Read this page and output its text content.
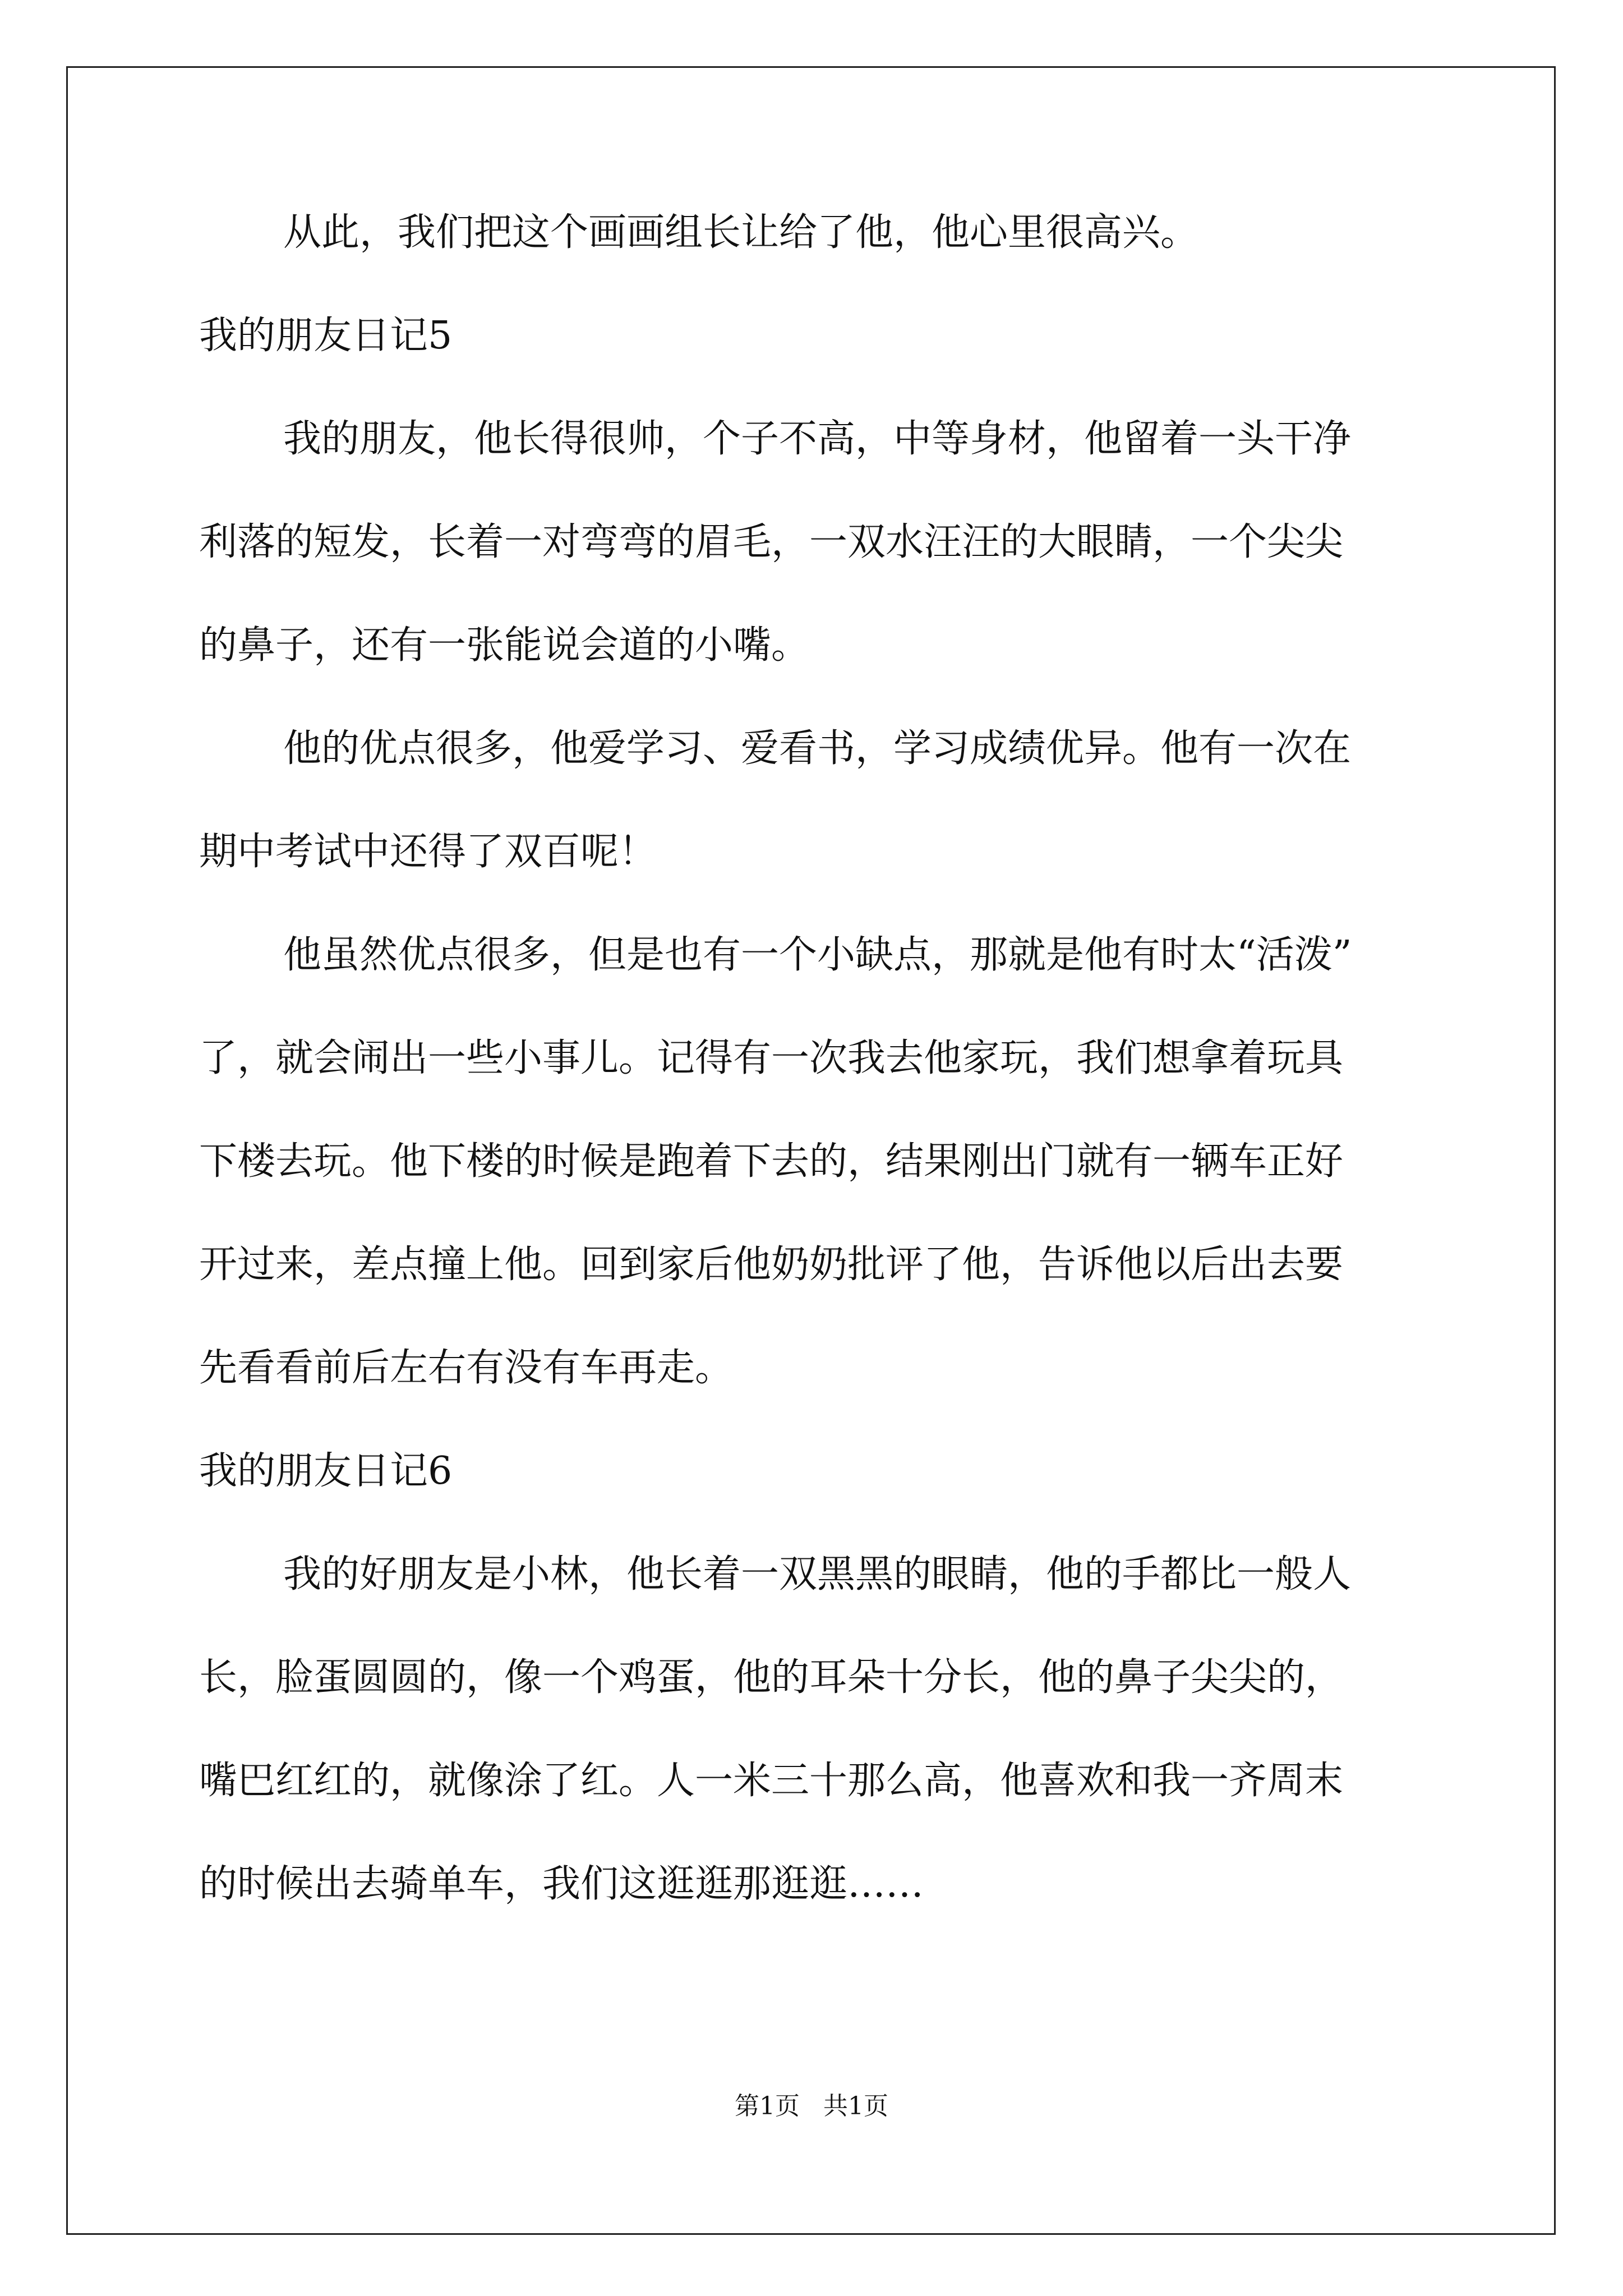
从此，我们把这个画画组长让给了他，他心里很高兴。
我的朋友日记5
我的朋友，他长得很帅，个子不高，中等身材，他留着一头干净
利落的短发，长着一对弯弯的眉毛，一双水汪汪的大眼睛，一个尖尖
的鼻子，还有一张能说会道的小嘴。
他的优点很多，他爱学习、爱看书，学习成绩优异。他有一次在
期中考试中还得了双百呢！
他虽然优点很多，但是也有一个小缺点，那就是他有时太“活泼”
了，就会闹出一些小事儿。记得有一次我去他家玩，我们想拿着玩具
下楼去玩。他下楼的时候是跑着下去的，结果刚出门就有一辆车正好
开过来，差点撞上他。回到家后他奶奶批评了他，告诉他以后出去要
先看看前后左右有没有车再走。
我的朋友日记6
我的好朋友是小林，他长着一双黑黑的眼睛，他的手都比一般人
长，脸蛋圆圆的，像一个鸡蛋，他的耳朵十分长，他的鼻子尖尖的，
嘴巴红红的，就像涂了红。人一米三十那么高，他喜欢和我一齐周末
的时候出去骑单车，我们这逛逛那逛逛……
第1页   共1页
